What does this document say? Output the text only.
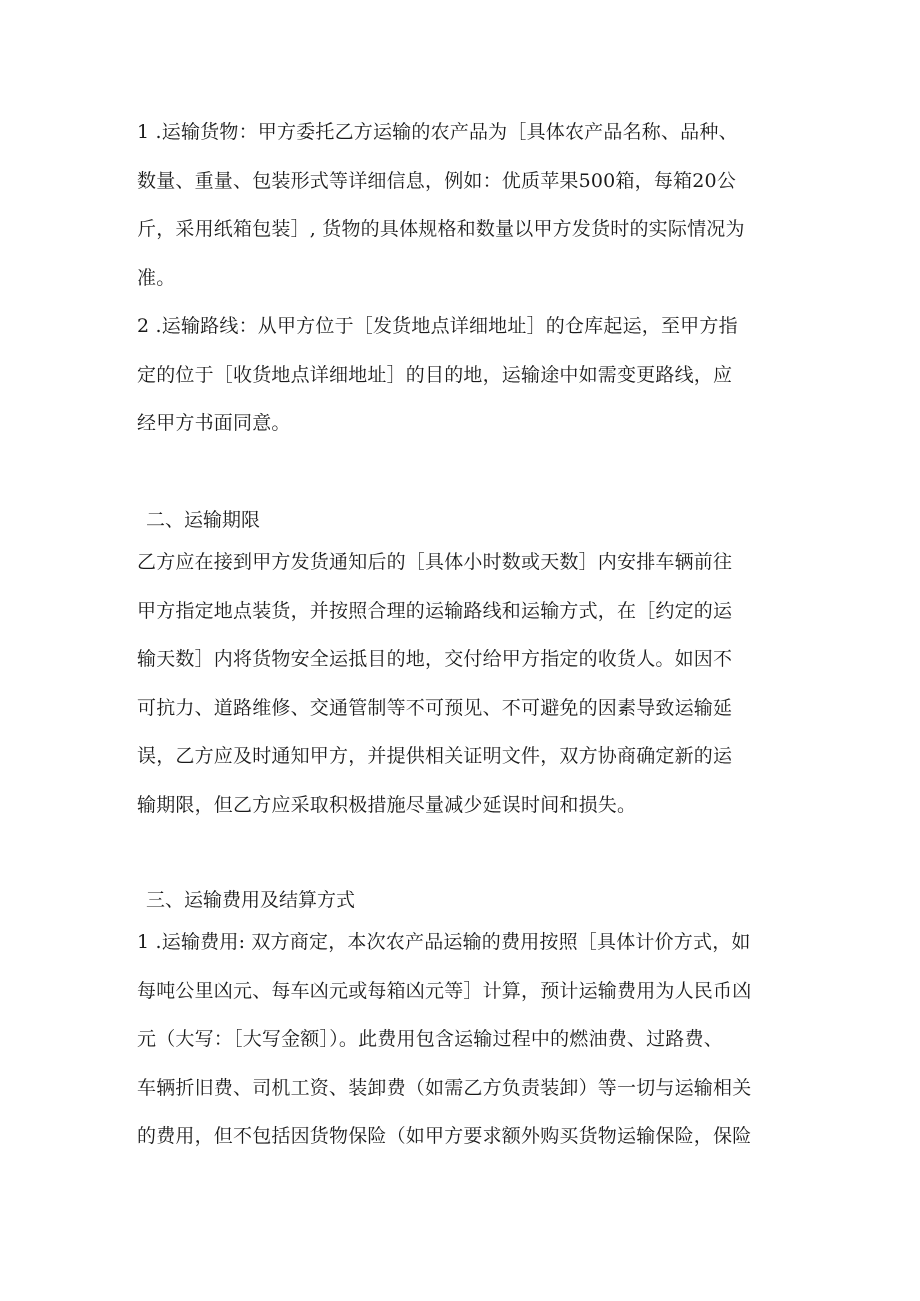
1 .运输货物：甲方委托乙方运输的农产品为［具体农产品名称、品种、
数量、重量、包装形式等详细信息，例如：优质苹果500箱，每箱20公
斤，采用纸箱包装］, 货物的具体规格和数量以甲方发货时的实际情况为
准。
2 .运输路线：从甲方位于［发货地点详细地址］的仓库起运，至甲方指
定的位于［收货地点详细地址］的目的地，运输途中如需变更路线，应
经甲方书面同意。
二、运输期限
乙方应在接到甲方发货通知后的［具体小时数或天数］内安排车辆前往
甲方指定地点装货，并按照合理的运输路线和运输方式，在［约定的运
输天数］内将货物安全运抵目的地，交付给甲方指定的收货人。如因不
可抗力、道路维修、交通管制等不可预见、不可避免的因素导致运输延
误，乙方应及时通知甲方，并提供相关证明文件，双方协商确定新的运
输期限，但乙方应采取积极措施尽量减少延误时间和损失。
三、运输费用及结算方式
1 .运输费用: 双方商定，本次农产品运输的费用按照［具体计价方式，如
每吨公里凶元、每车凶元或每箱凶元等］计算，预计运输费用为人民币凶
元（大写：［大写金额］）。此费用包含运输过程中的燃油费、过路费、
车辆折旧费、司机工资、装卸费（如需乙方负责装卸）等一切与运输相关
的费用，但不包括因货物保险（如甲方要求额外购买货物运输保险，保险
